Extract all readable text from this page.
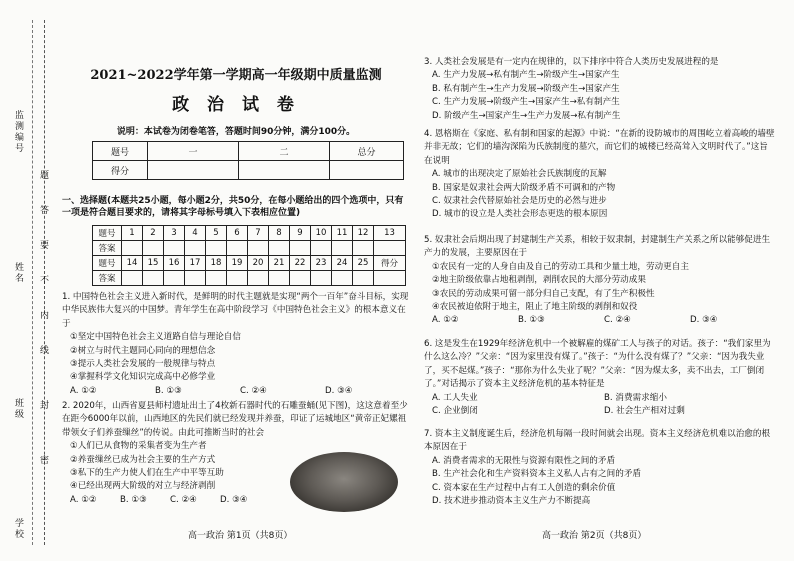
监测编号
姓名
班级
学校
题
答
要
不
内
线
封
密
2021~2022学年第一学期高一年级期中质量监测
政 治 试 卷
说明：本试卷为闭卷笔答，答题时间90分钟，满分100分。
题号	一	二	总分
得分			
一、选择题(本题共25小题，每小题2分，共50分，在每小题给出的四个选项中，只有一项是符合题目要求的，请将其字母标号填入下表相应位置)
题号	1	2	3	4	5	6	7	8	9	10	11	12	13
答案													
题号	14	15	16	17	18	19	20	21	22	23	24	25	得分
答案													

1. 中国特色社会主义进入新时代，是鲜明的时代主题就是实现“两个一百年”奋斗目标，实现中华民族伟大复兴的中国梦。青年学生在高中阶段学习《中国特色社会主义》的根本意义在于

①坚定中国特色社会主义道路自信与理论自信

②树立与时代主题同心同向的理想信念

③提示人类社会发展的一般规律与特点

④掌握科学文化知识完成高中必修学业

A. ①②	B. ①③	C. ②④	D. ③④

2. 2020年，山西省夏县师村遗址出土了4枚新石器时代的石雕蚕蛹(见下图)，这这意着至少在距今6000年以前，山西地区的先民们就已经发现并养蚕，印证了运城地区“黄帝正妃嫘祖带领女子们养蚕缫丝”的传说。由此可推断当时的社会

①人们已从食物的采集者变为生产者

②养蚕缫丝已成为社会主要的生产方式

③私下的生产力使人们在生产中平等互助

④已经出现两大阶级的对立与经济剥削

A. ①②	B. ①③	C. ②④	D. ③④
高一政治 第1页（共8页）

3. 人类社会发展是有一定内在规律的，以下排序中符合人类历史发展进程的是

A. 生产力发展→私有制产生→阶级产生→国家产生

B. 私有制产生→生产力发展→阶级产生→国家产生

C. 生产力发展→阶级产生→国家产生→私有制产生

D. 阶级产生→国家产生→生产力发展→私有制产生

4. 恩格斯在《家庭、私有制和国家的起源》中说：“在新的设防城市的周围屹立着高峻的墙壁并非无故；它们的墙沟深陷为氏族制度的墓穴，而它们的城楼已经高耸入文明时代了。”这旨在说明

A. 城市的出现决定了原始社会氏族制度的瓦解

B. 国家是奴隶社会两大阶级矛盾不可调和的产物

C. 奴隶社会代替原始社会是历史的必然与进步

D. 城市的设立是人类社会形态更迭的根本原因

5. 奴隶社会后期出现了封建制生产关系，相较于奴隶制，封建制生产关系之所以能够促进生产力的发展，主要原因在于

①农民有一定的人身自由及自己的劳动工具和少量土地，劳动更自主

②地主阶级依靠占地租剥削，剥削农民的大部分劳动成果

③农民的劳动成果可留一部分归自己支配，有了生产积极性

④农民被迫依附于地主，阻止了地主阶级的剥削和奴役

A. ①②	B. ①③	C. ②④	D. ③④

6. 这是发生在1929年经济危机中一个被解雇的煤矿工人与孩子的对话。孩子：“我们家里为什么这么冷？”父亲：“因为家里没有煤了。”孩子：“为什么没有煤了？”父亲：“因为我失业了，买不起煤。”孩子：“那你为什么失业了呢？”父亲：“因为煤太多，卖不出去，工厂倒闭了。”对话揭示了资本主义经济危机的基本特征是

A. 工人失业	B. 消费需求缩小
C. 企业倒闭	D. 社会生产相对过剩

7. 资本主义制度诞生后，经济危机每隔一段时间就会出现。资本主义经济危机难以治愈的根本原因在于

A. 消费者需求的无限性与资源有限性之间的矛盾

B. 生产社会化和生产资料资本主义私人占有之间的矛盾

C. 资本家在生产过程中占有工人创造的剩余价值

D. 技术进步推动资本主义生产力不断提高

高一政治 第2页（共8页）
